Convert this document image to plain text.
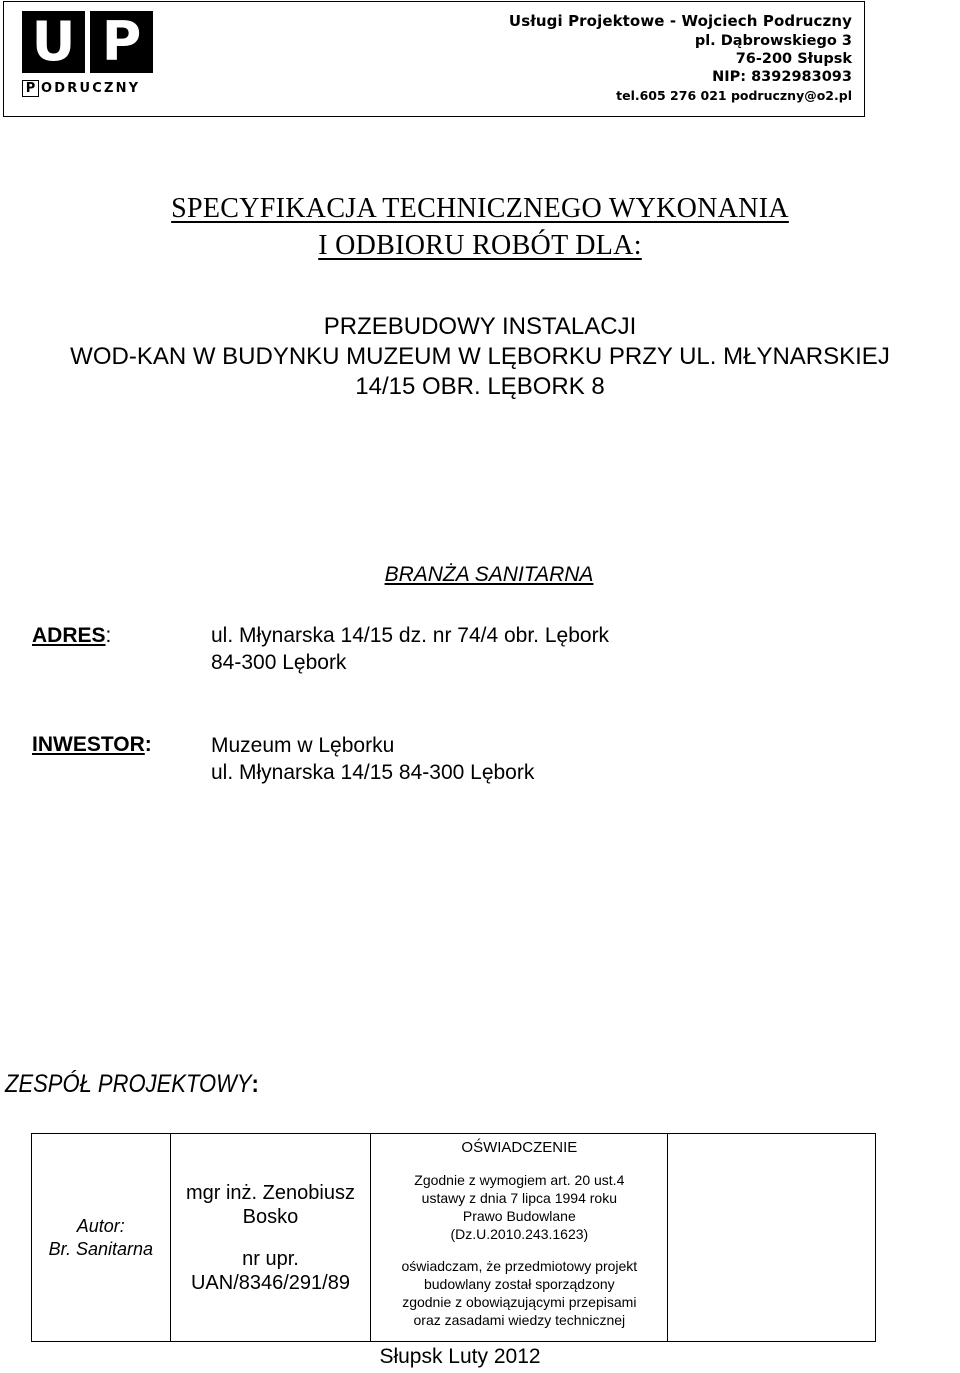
U P
P ODRUCZNY
Usługi Projektowe - Wojciech Podruczny
pl. Dąbrowskiego 3
76-200 Słupsk
NIP: 8392983093
tel.605 276 021 podruczny@o2.pl
SPECYFIKACJA TECHNICZNEGO WYKONANIA
I ODBIORU ROBÓT DLA:
PRZEBUDOWY INSTALACJI
WOD-KAN W BUDYNKU MUZEUM W LĘBORKU PRZY UL. MŁYNARSKIEJ
14/15 OBR. LĘBORK 8
BRANŻA SANITARNA
ADRES:	ul. Młynarska 14/15 dz. nr 74/4 obr. Lębork
84-300 Lębork
INWESTOR:	Muzeum w Lęborku
ul. Młynarska 14/15 84-300 Lębork
ZESPÓŁ PROJEKTOWY:
Autor:
Br. Sanitarna

mgr inż. Zenobiusz
Bosko
nr upr.
UAN/8346/291/89

OŚWIADCZENIE
Zgodnie z wymogiem art. 20 ust.4
ustawy z dnia 7 lipca 1994 roku
Prawo Budowlane
(Dz.U.2010.243.1623)
oświadczam, że przedmiotowy projekt
budowlany został sporządzony
zgodnie z obowiązującymi przepisami
oraz zasadami wiedzy technicznej

Słupsk Luty 2012
